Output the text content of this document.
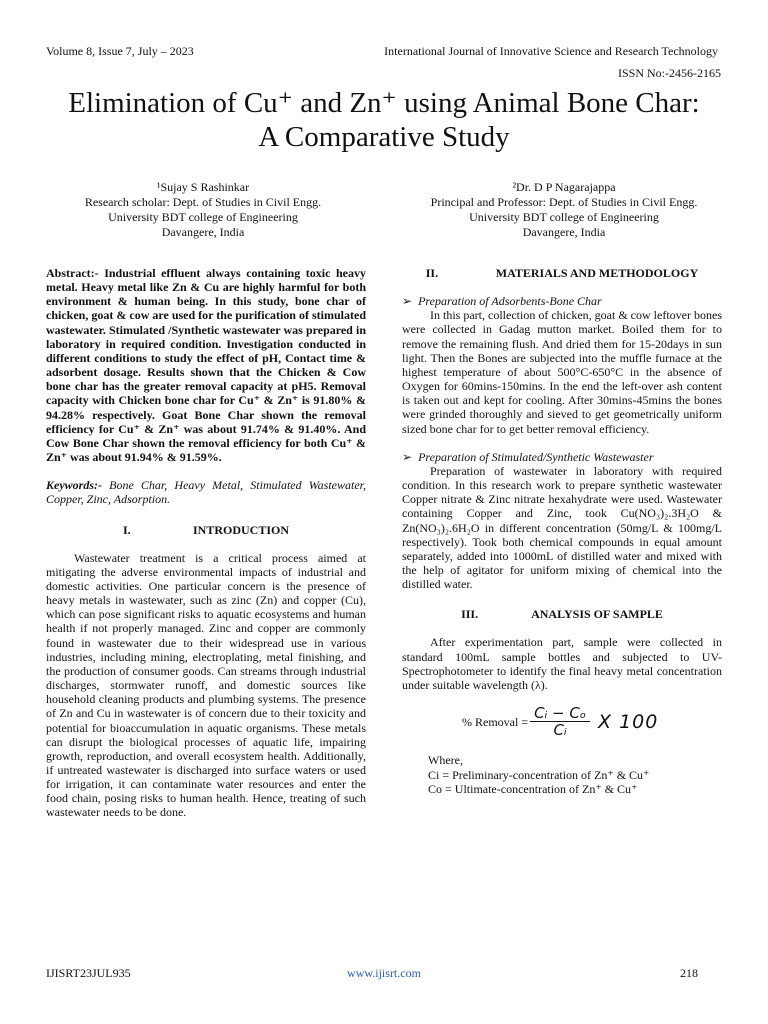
Volume 8, Issue 7, July – 2023	International Journal of Innovative Science and Research Technology
ISSN No:-2456-2165
Elimination of Cu⁺ and Zn⁺ using Animal Bone Char:
A Comparative Study
¹Sujay S Rashinkar
Research scholar: Dept. of Studies in Civil Engg.
University BDT college of Engineering
Davangere, India
²Dr. D P Nagarajappa
Principal and Professor: Dept. of Studies in Civil Engg.
University BDT college of Engineering
Davangere, India

Abstract:- Industrial effluent always containing toxic heavy metal. Heavy metal like Zn & Cu are highly harmful for both environment & human being. In this study, bone char of chicken, goat & cow are used for the purification of stimulated wastewater. Stimulated /Synthetic wastewater was prepared in laboratory in required condition. Investigation conducted in different conditions to study the effect of pH, Contact time & adsorbent dosage. Results shown that the Chicken & Cow bone char has the greater removal capacity at pH5. Removal capacity with Chicken bone char for Cu⁺ & Zn⁺ is 91.80% & 94.28% respectively. Goat Bone Char shown the removal efficiency for Cu⁺ & Zn⁺ was about 91.74% & 91.40%. And Cow Bone Char shown the removal efficiency for both Cu⁺ & Zn⁺ was about 91.94% & 91.59%.

Keywords:- Bone Char, Heavy Metal, Stimulated Wastewater, Copper, Zinc, Adsorption.

I.	INTRODUCTION

Wastewater treatment is a critical process aimed at mitigating the adverse environmental impacts of industrial and domestic activities. One particular concern is the presence of heavy metals in wastewater, such as zinc (Zn) and copper (Cu), which can pose significant risks to aquatic ecosystems and human health if not properly managed. Zinc and copper are commonly found in wastewater due to their widespread use in various industries, including mining, electroplating, metal finishing, and the production of consumer goods. Can streams through industrial discharges, stormwater runoff, and domestic sources like household cleaning products and plumbing systems. The presence of Zn and Cu in wastewater is of concern due to their toxicity and potential for bioaccumulation in aquatic organisms. These metals can disrupt the biological processes of aquatic life, impairing growth, reproduction, and overall ecosystem health. Additionally, if untreated wastewater is discharged into surface waters or used for irrigation, it can contaminate water resources and enter the food chain, posing risks to human health. Hence, treating of such wastewater needs to be done.

II.	MATERIALS AND METHODOLOGY

➢ Preparation of Adsorbents-Bone Char

In this part, collection of chicken, goat & cow leftover bones were collected in Gadag mutton market. Boiled them for to remove the remaining flush. And dried them for 15-20days in sun light. Then the Bones are subjected into the muffle furnace at the highest temperature of about 500°C-650°C in the absence of Oxygen for 60mins-150mins. In the end the left-over ash content is taken out and kept for cooling. After 30mins-45mins the bones were grinded thoroughly and sieved to get geometrically uniform sized bone char for to get better removal efficiency.

➢ Preparation of Stimulated/Synthetic Wastewaster

Preparation of wastewater in laboratory with required condition. In this research work to prepare synthetic wastewater Copper nitrate & Zinc nitrate hexahydrate were used. Wastewater containing Copper and Zinc, took Cu(NO₃)₂.3H₂O & Zn(NO₃)₂.6H₂O in different concentration (50mg/L & 100mg/L respectively). Took both chemical compounds in equal amount separately, added into 1000mL of distilled water and mixed with the help of agitator for uniform mixing of chemical into the distilled water.

III.	ANALYSIS OF SAMPLE

After experimentation part, sample were collected in standard 100mL sample bottles and subjected to UV-Spectrophotometer to identify the final heavy metal concentration under suitable wavelength (λ).

% Removal = $\frac{\text{Cᵢ − Cₒ}}{\text{Cᵢ}}$ X 100

Where,

Ci = Preliminary-concentration of Zn⁺ & Cu⁺

Co = Ultimate-concentration of Zn⁺ & Cu⁺

IJISRT23JUL935	www.ijisrt.com	218
